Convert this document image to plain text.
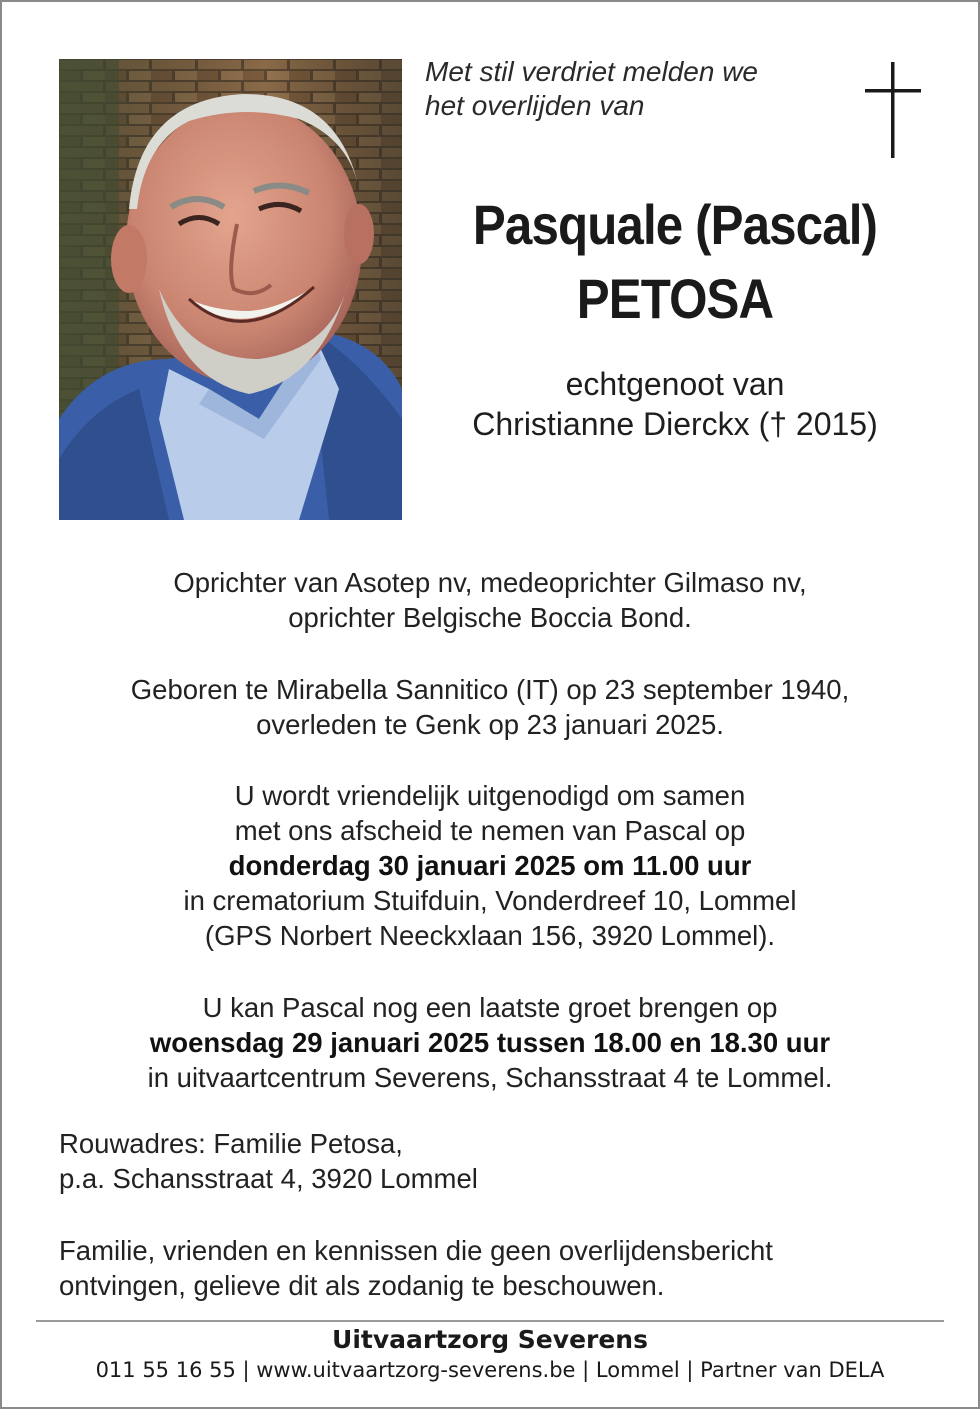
Met stil verdriet melden we
het overlijden van
Pasquale (Pascal)
PETOSA
echtgenoot van
Christianne Dierckx († 2015)
Oprichter van Asotep nv, medeoprichter Gilmaso nv,
oprichter Belgische Boccia Bond.
Geboren te Mirabella Sannitico (IT) op 23 september 1940,
overleden te Genk op 23 januari 2025.
U wordt vriendelijk uitgenodigd om samen
met ons afscheid te nemen van Pascal op
donderdag 30 januari 2025 om 11.00 uur
in crematorium Stuifduin, Vonderdreef 10, Lommel
(GPS Norbert Neeckxlaan 156, 3920 Lommel).
U kan Pascal nog een laatste groet brengen op
woensdag 29 januari 2025 tussen 18.00 en 18.30 uur
in uitvaartcentrum Severens, Schansstraat 4 te Lommel.
Rouwadres: Familie Petosa,
p.a. Schansstraat 4, 3920 Lommel
Familie, vrienden en kennissen die geen overlijdensbericht
ontvingen, gelieve dit als zodanig te beschouwen.
Uitvaartzorg Severens
011 55 16 55 | www.uitvaartzorg-severens.be | Lommel | Partner van DELA
